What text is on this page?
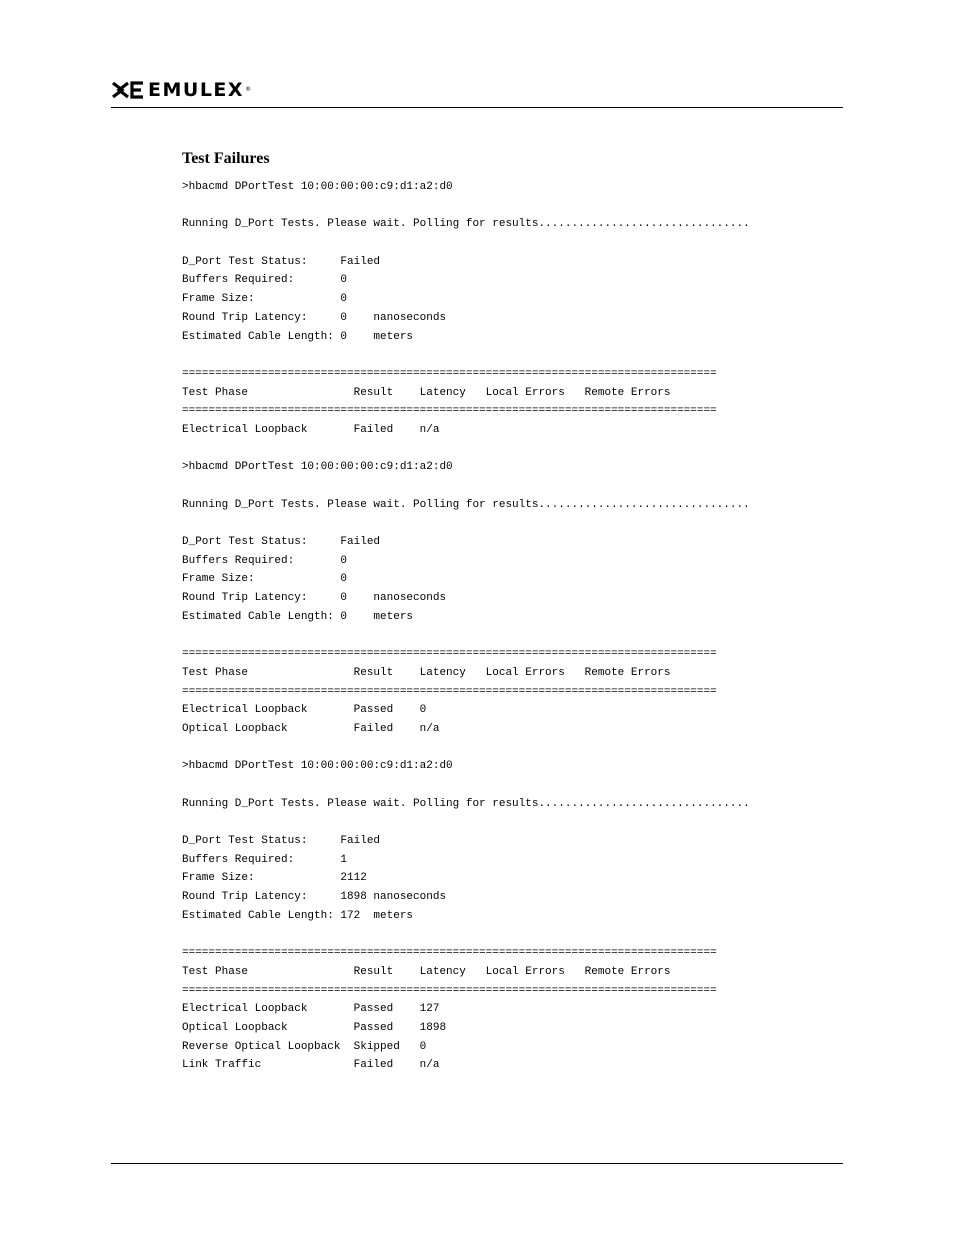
EMULEX ®
Test Failures
>hbacmd DPortTest 10:00:00:00:c9:d1:a2:d0
Running D_Port Tests. Please wait. Polling for results................................
D_Port Test Status:     Failed
Buffers Required:       0
Frame Size:             0
Round Trip Latency:     0    nanoseconds
Estimated Cable Length: 0    meters
=================================================================================
Test Phase                Result    Latency   Local Errors   Remote Errors
=================================================================================
Electrical Loopback       Failed    n/a
>hbacmd DPortTest 10:00:00:00:c9:d1:a2:d0
Running D_Port Tests. Please wait. Polling for results................................
D_Port Test Status:     Failed
Buffers Required:       0
Frame Size:             0
Round Trip Latency:     0    nanoseconds
Estimated Cable Length: 0    meters
=================================================================================
Test Phase                Result    Latency   Local Errors   Remote Errors
=================================================================================
Electrical Loopback       Passed    0
Optical Loopback          Failed    n/a
>hbacmd DPortTest 10:00:00:00:c9:d1:a2:d0
Running D_Port Tests. Please wait. Polling for results................................
D_Port Test Status:     Failed
Buffers Required:       1
Frame Size:             2112
Round Trip Latency:     1898 nanoseconds
Estimated Cable Length: 172  meters
=================================================================================
Test Phase                Result    Latency   Local Errors   Remote Errors
=================================================================================
Electrical Loopback       Passed    127
Optical Loopback          Passed    1898
Reverse Optical Loopback  Skipped   0
Link Traffic              Failed    n/a
